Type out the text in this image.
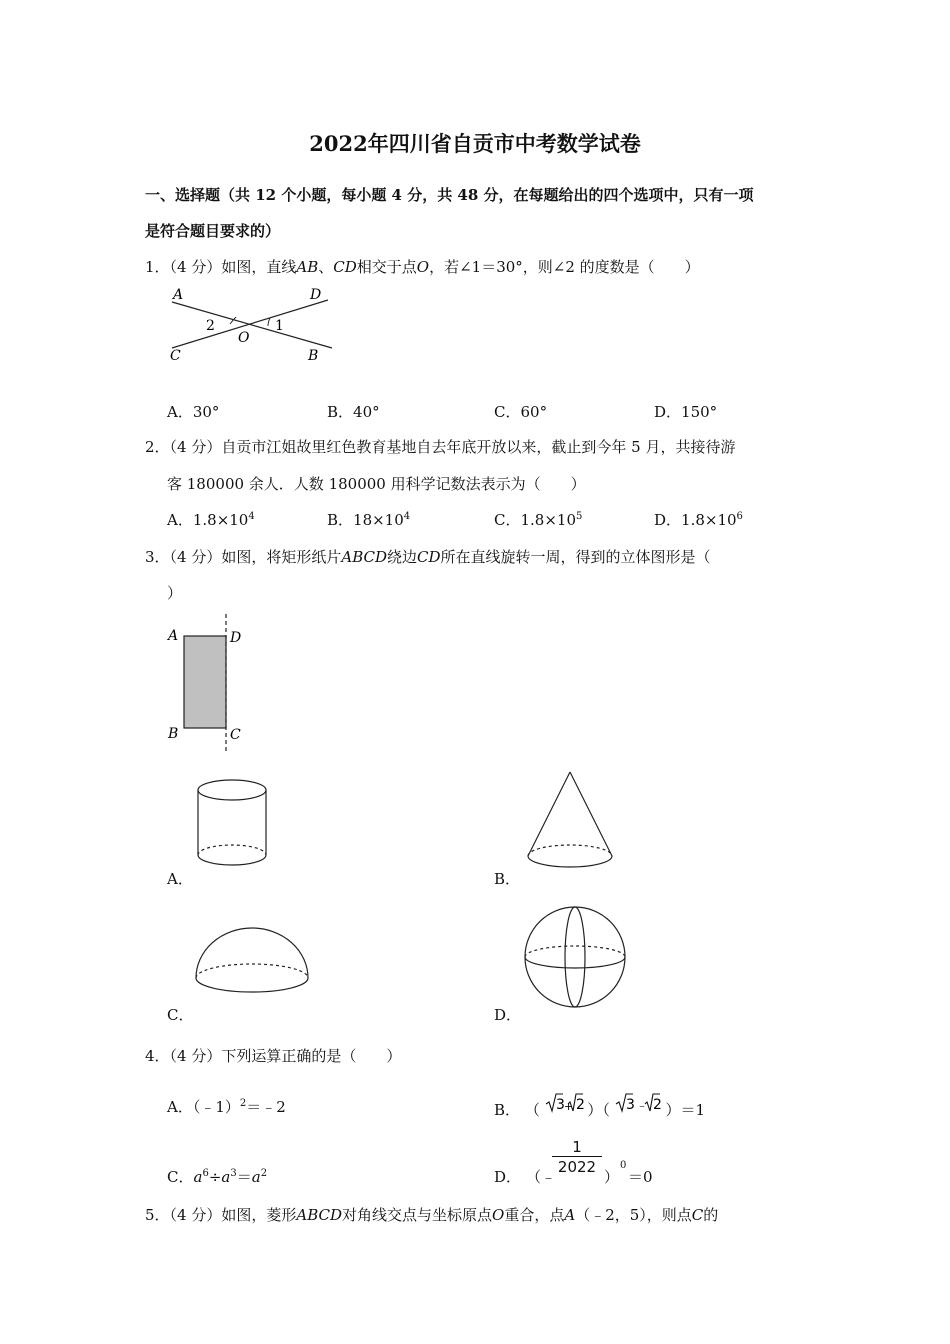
2022年四川省自贡市中考数学试卷
一、选择题（共 12 个小题，每小题 4 分，共 48 分，在每题给出的四个选项中，只有一项
是符合题目要求的）
1．（4 分）如图，直线AB、CD相交于点O，若∠1＝30°，则∠2 的度数是（　　）
A	D
C	B
O
2	1
A．30°	B．40°	C．60°	D．150°
2．（4 分）自贡市江姐故里红色教育基地自去年底开放以来，截止到今年 5 月，共接待游
客 180000 余人．人数 180000 用科学记数法表示为（　　）
A．$1.8\times 10^4$	B．$18\times 10^4$	C．$1.8\times 10^5$	D．$1.8\times 10^6$
3．（4 分）如图，将矩形纸片ABCD绕边CD所在直线旋转一周，得到的立体图形是（
）
A	D
B	C
A．	B．
C．	D．
4．（4 分）下列运算正确的是（　　）
A．（﹣1）$^2$＝﹣2	B． （ 3 + 2 ）（ 3 ﹣ 2 ）＝1
C．$a^6\div a^3=a^2$	D． （﹣
1
2022
）
0
＝0
5．（4 分）如图，菱形ABCD对角线交点与坐标原点O重合，点A（﹣2，5），则点C的
